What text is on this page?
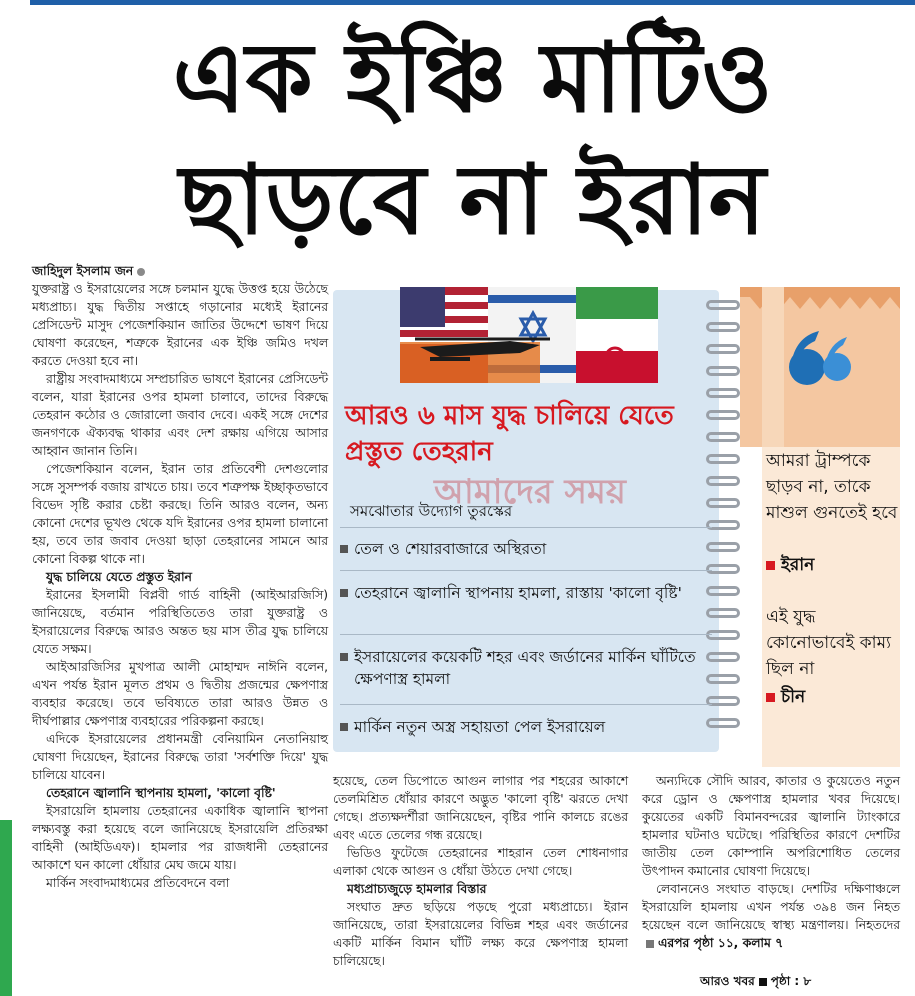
এক ইঞ্চি মাটিও
ছাড়বে না ইরান

জাহিদুল ইসলাম জন

যুক্তরাষ্ট্র ও ইসরায়েলের সঙ্গে চলমান যুদ্ধে উত্তপ্ত হয়ে উঠেছে মধ্যপ্রাচ্য। যুদ্ধ দ্বিতীয় সপ্তাহে গড়ানোর মধ্যেই ইরানের প্রেসিডেন্ট মাসুদ পেজেশকিয়ান জাতির উদ্দেশে ভাষণ দিয়ে ঘোষণা করেছেন, শত্রুকে ইরানের এক ইঞ্চি জমিও দখল করতে দেওয়া হবে না।

রাষ্ট্রীয় সংবাদমাধ্যমে সম্প্রচারিত ভাষণে ইরানের প্রেসিডেন্ট বলেন, যারা ইরানের ওপর হামলা চালাবে, তাদের বিরুদ্ধে তেহরান কঠোর ও জোরালো জবাব দেবে। একই সঙ্গে দেশের জনগণকে ঐক্যবদ্ধ থাকার এবং দেশ রক্ষায় এগিয়ে আসার আহ্বান জানান তিনি।

পেজেশকিয়ান বলেন, ইরান তার প্রতিবেশী দেশগুলোর সঙ্গে সুসম্পর্ক বজায় রাখতে চায়। তবে শত্রুপক্ষ ইচ্ছাকৃতভাবে বিভেদ সৃষ্টি করার চেষ্টা করছে। তিনি আরও বলেন, অন্য কোনো দেশের ভূখণ্ড থেকে যদি ইরানের ওপর হামলা চালানো হয়, তবে তার জবাব দেওয়া ছাড়া তেহরানের সামনে আর কোনো বিকল্প থাকে না।

যুদ্ধ চালিয়ে যেতে প্রস্তুত ইরান

ইরানের ইসলামী বিপ্লবী গার্ড বাহিনী (আইআরজিসি) জানিয়েছে, বর্তমান পরিস্থিতিতেও তারা যুক্তরাষ্ট্র ও ইসরায়েলের বিরুদ্ধে আরও অন্তত ছয় মাস তীব্র যুদ্ধ চালিয়ে যেতে সক্ষম।

আইআরজিসির মুখপাত্র আলী মোহাম্মদ নাঈনি বলেন, এখন পর্যন্ত ইরান মূলত প্রথম ও দ্বিতীয় প্রজন্মের ক্ষেপণাস্ত্র ব্যবহার করেছে। তবে ভবিষ্যতে তারা আরও উন্নত ও দীর্ঘপাল্লার ক্ষেপণাস্ত্র ব্যবহারের পরিকল্পনা করছে।

এদিকে ইসরায়েলের প্রধানমন্ত্রী বেনিয়ামিন নেতানিয়াহু ঘোষণা দিয়েছেন, ইরানের বিরুদ্ধে তারা 'সর্বশক্তি দিয়ে' যুদ্ধ চালিয়ে যাবেন।

তেহরানে জ্বালানি স্থাপনায় হামলা, 'কালো বৃষ্টি'

ইসরায়েলি হামলায় তেহরানের একাধিক জ্বালানি স্থাপনা লক্ষ্যবস্তু করা হয়েছে বলে জানিয়েছে ইসরায়েলি প্রতিরক্ষা বাহিনী (আইডিএফ)। হামলার পর রাজধানী তেহরানের আকাশে ঘন কালো ধোঁয়ার মেঘ জমে যায়।

মার্কিন সংবাদমাধ্যমের প্রতিবেদনে বলা

আরও ৬ মাস যুদ্ধ চালিয়ে যেতে প্রস্তুত তেহরান
আমাদের সময়
সমঝোতার উদ্যোগ তুরস্কের
তেল ও শেয়ারবাজারে অস্থিরতা
তেহরানে জ্বালানি স্থাপনায় হামলা, রাস্তায় 'কালো বৃষ্টি'
ইসরায়েলের কয়েকটি শহর এবং জর্ডানের মার্কিন ঘাঁটিতে ক্ষেপণাস্ত্র হামলা
মার্কিন নতুন অস্ত্র সহায়তা পেল ইসরায়েল
আমরা ট্রাম্পকে ছাড়ব না, তাকে মাশুল গুনতেই হবে
ইরান
এই যুদ্ধ কোনোভাবেই কাম্য ছিল না
চীন

হয়েছে, তেল ডিপোতে আগুন লাগার পর শহরের আকাশে তেলমিশ্রিত ধোঁয়ার কারণে অদ্ভুত 'কালো বৃষ্টি' ঝরতে দেখা গেছে। প্রত্যক্ষদর্শীরা জানিয়েছেন, বৃষ্টির পানি কালচে রঙের এবং এতে তেলের গন্ধ রয়েছে।

ভিডিও ফুটেজে তেহরানের শাহরান তেল শোধনাগার এলাকা থেকে আগুন ও ধোঁয়া উঠতে দেখা গেছে।

মধ্যপ্রাচ্যজুড়ে হামলার বিস্তার

সংঘাত দ্রুত ছড়িয়ে পড়ছে পুরো মধ্যপ্রাচ্যে। ইরান জানিয়েছে, তারা ইসরায়েলের বিভিন্ন শহর এবং জর্ডানের একটি মার্কিন বিমান ঘাঁটি লক্ষ্য করে ক্ষেপণাস্ত্র হামলা চালিয়েছে।

অন্যদিকে সৌদি আরব, কাতার ও কুয়েতেও নতুন করে ড্রোন ও ক্ষেপণাস্ত্র হামলার খবর দিয়েছে। কুয়েতের একটি বিমানবন্দরের জ্বালানি ট্যাংকারে হামলার ঘটনাও ঘটেছে। পরিস্থিতির কারণে দেশটির জাতীয় তেল কোম্পানি অপরিশোধিত তেলের উৎপাদন কমানোর ঘোষণা দিয়েছে।

লেবাননেও সংঘাত বাড়ছে। দেশটির দক্ষিণাঞ্চলে ইসরায়েলি হামলায় এখন পর্যন্ত ৩৯৪ জন নিহত হয়েছেন বলে জানিয়েছে স্বাস্থ্য মন্ত্রণালয়। নিহতদের এরপর পৃষ্ঠা ১১, কলাম ৭

আরও খবর পৃষ্ঠা : ৮
